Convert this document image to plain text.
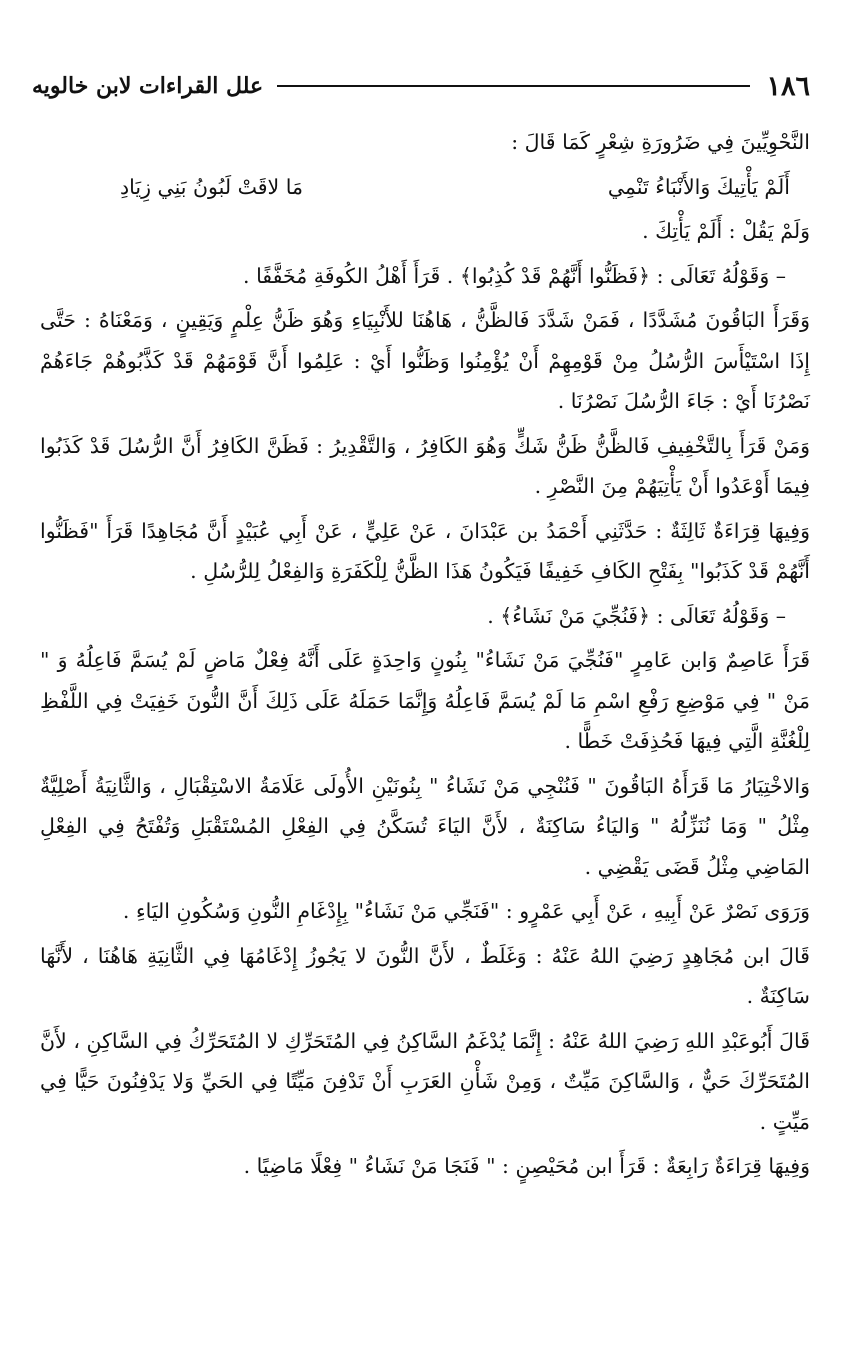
١٨٦
علل القراءات لابن خالويه

النَّحْوِيِّينَ فِي ضَرُورَةِ شِعْرٍ كَمَا قَالَ :

أَلَمْ يَأْتِيكَ وَالأَنْبَاءُ تَنْمِي
مَا لاقَتْ لَبُونُ بَنِي زِيَادِ

وَلَمْ يَقُلْ : أَلَمْ يَأْتِكَ .

– وَقَوْلُهُ تَعَالَى : ﴿فَظَنُّوا أَنَّهُمْ قَدْ كُذِبُوا﴾ . قَرَأَ أَهْلُ الكُوفَةِ مُخَفَّفًا .

وَقَرَأَ البَاقُونَ مُشَدَّدًا ، فَمَنْ شَدَّدَ فَالظَّنُّ ، هَاهُنَا للأَنْبِيَاءِ وَهُوَ ظَنُّ عِلْمٍ وَيَقِينٍ ، وَمَعْنَاهُ : حَتَّى إِذَا اسْتَيْأَسَ الرُّسُلُ مِنْ قَوْمِهِمْ أَنْ يُؤْمِنُوا وَظَنُّوا أَيْ : عَلِمُوا أَنَّ قَوْمَهُمْ قَدْ كَذَّبُوهُمْ جَاءَهُمْ نَصْرُنَا أَيْ : جَاءَ الرُّسُلَ نَصْرُنَا .

وَمَنْ قَرَأَ بِالتَّخْفِيفِ فَالظَّنُّ ظَنُّ شَكٍّ وَهُوَ الكَافِرُ ، وَالتَّقْدِيرُ : فَظَنَّ الكَافِرُ أَنَّ الرُّسُلَ قَدْ كَذَبُوا فِيمَا أَوْعَدُوا أَنْ يَأْتِيَهُمْ مِنَ النَّصْرِ .

وَفِيهَا قِرَاءَةٌ ثَالِثَةٌ : حَدَّثَنِي أَحْمَدُ بن عَبْدَانَ ، عَنْ عَلِيٍّ ، عَنْ أَبِي عُبَيْدٍ أَنَّ مُجَاهِدًا قَرَأَ "فَظَنُّوا أَنَّهُمْ قَدْ كَذَبُوا" بِفَتْحِ الكَافِ خَفِيفًا فَيَكُونُ هَذَا الظَّنُّ لِلْكَفَرَةِ وَالفِعْلُ لِلرُّسُلِ .

– وَقَوْلُهُ تَعَالَى : ﴿فَنُجِّيَ مَنْ نَشَاءُ﴾ .

قَرَأَ عَاصِمٌ وَابن عَامِرٍ "فَنُجِّيَ مَنْ نَشَاءُ" بِنُونٍ وَاحِدَةٍ عَلَى أَنَّهُ فِعْلٌ مَاضٍ لَمْ يُسَمَّ فَاعِلُهُ وَ " مَنْ " فِي مَوْضِعِ رَفْعِ اسْمِ مَا لَمْ يُسَمَّ فَاعِلُهُ وَإِنَّمَا حَمَلَهُ عَلَى ذَلِكَ أَنَّ النُّونَ خَفِيَتْ فِي اللَّفْظِ لِلْغُنَّةِ الَّتِي فِيهَا فَحُذِفَتْ خَطًّا .

وَالاخْتِيَارُ مَا قَرَأَهُ البَاقُونَ " فَنُنْجِي مَنْ نَشَاءُ " بِنُونَيْنِ الأُولَى عَلَامَةُ الاسْتِقْبَالِ ، وَالثَّانِيَةُ أَصْلِيَّةٌ مِثْلُ " وَمَا نُنَزِّلُهُ " وَاليَاءُ سَاكِنَةٌ ، لأَنَّ اليَاءَ تُسَكَّنُ فِي الفِعْلِ المُسْتَقْبَلِ وَتُفْتَحُ فِي الفِعْلِ المَاضِي مِثْلُ قَضَى يَقْضِي .

وَرَوَى نَصْرٌ عَنْ أَبِيهِ ، عَنْ أَبِي عَمْرٍو : "فَنَجِّي مَنْ نَشَاءُ" بِإِدْغَامِ النُّونِ وَسُكُونِ اليَاءِ .

قَالَ ابن مُجَاهِدٍ رَضِيَ اللهُ عَنْهُ : وَغَلَطٌ ، لأَنَّ النُّونَ لا يَجُوزُ إِدْغَامُهَا فِي الثَّانِيَةِ هَاهُنَا ، لأَنَّهَا سَاكِنَةٌ .

قَالَ أَبُوعَبْدِ اللهِ رَضِيَ اللهُ عَنْهُ : إِنَّمَا يُدْغَمُ السَّاكِنُ فِي المُتَحَرِّكِ لا المُتَحَرِّكُ فِي السَّاكِنِ ، لأَنَّ المُتَحَرِّكَ حَيٌّ ، وَالسَّاكِنَ مَيِّتٌ ، وَمِنْ شَأْنِ العَرَبِ أَنْ تَدْفِنَ مَيِّتًا فِي الحَيِّ وَلا يَدْفِنُونَ حَيًّا فِي مَيِّتٍ .

وَفِيهَا قِرَاءَةٌ رَابِعَةٌ : قَرَأَ ابن مُحَيْصِنٍ : " فَنَجَا مَنْ نَشَاءُ " فِعْلًا مَاضِيًا .
